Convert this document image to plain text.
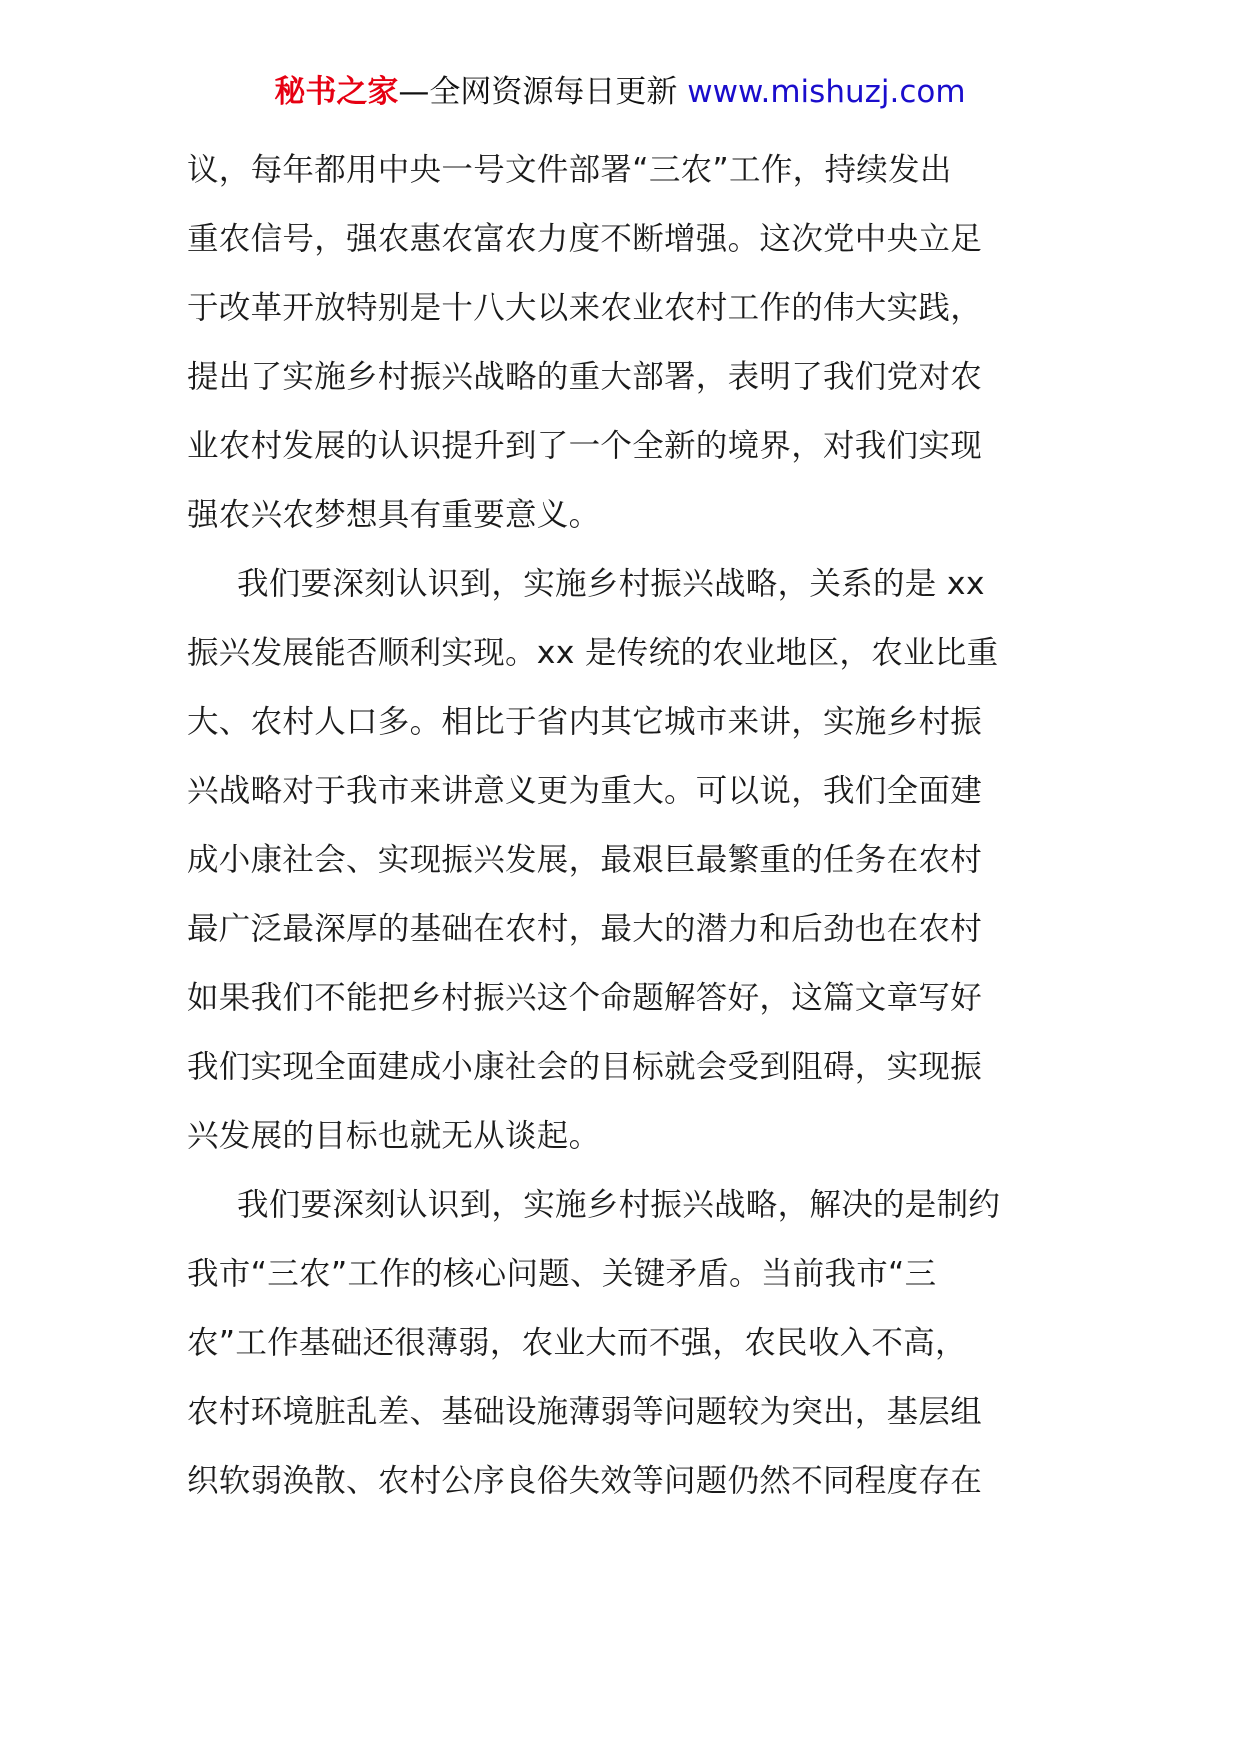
秘书之家—全网资源每日更新 www.mishuzj.com
议，每年都用中央一号文件部署“三农”工作，持续发出
重农信号，强农惠农富农力度不断增强。这次党中央立足
于改革开放特别是十八大以来农业农村工作的伟大实践，
提出了实施乡村振兴战略的重大部署，表明了我们党对农
业农村发展的认识提升到了一个全新的境界，对我们实现
强农兴农梦想具有重要意义。
我们要深刻认识到，实施乡村振兴战略，关系的是 xx
振兴发展能否顺利实现。xx 是传统的农业地区，农业比重
大、农村人口多。相比于省内其它城市来讲，实施乡村振
兴战略对于我市来讲意义更为重大。可以说，我们全面建
成小康社会、实现振兴发展，最艰巨最繁重的任务在农村
最广泛最深厚的基础在农村，最大的潜力和后劲也在农村
如果我们不能把乡村振兴这个命题解答好，这篇文章写好
我们实现全面建成小康社会的目标就会受到阻碍，实现振
兴发展的目标也就无从谈起。
我们要深刻认识到，实施乡村振兴战略，解决的是制约
我市“三农”工作的核心问题、关键矛盾。当前我市“三
农”工作基础还很薄弱，农业大而不强，农民收入不高，
农村环境脏乱差、基础设施薄弱等问题较为突出，基层组
织软弱涣散、农村公序良俗失效等问题仍然不同程度存在
